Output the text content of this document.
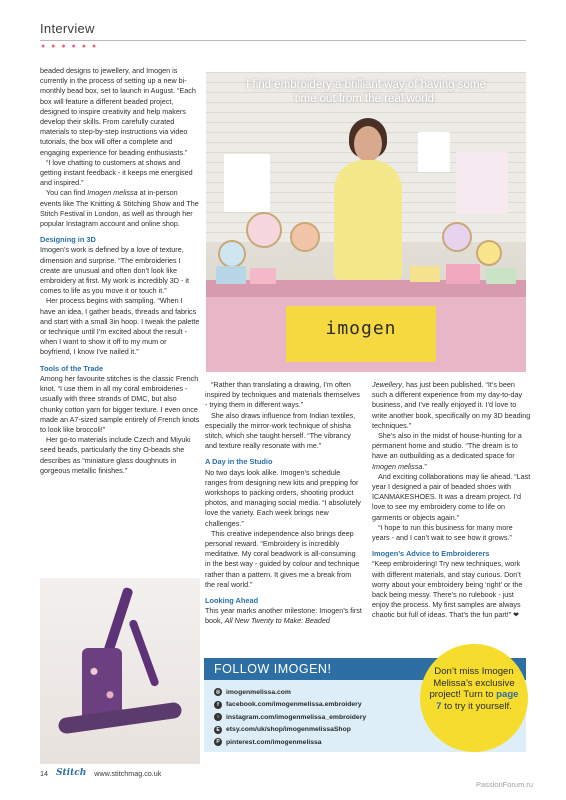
Interview
● ● ● ● ● ●

beaded designs to jewellery, and Imogen is currently in the process of setting up a new bi-monthly bead box, set to launch in August. “Each box will feature a different beaded project, designed to inspire creativity and help makers develop their skills. From carefully curated materials to step-by-step instructions via video tutorials, the box will offer a complete and engaging experience for beading enthusiasts.”

“I love chatting to customers at shows and getting instant feedback - it keeps me energised and inspired.”

You can find Imogen melissa at in-person events like The Knitting & Stitching Show and The Stitch Festival in London, as well as through her popular Instagram account and online shop.

Designing in 3D

Imogen’s work is defined by a love of texture, dimension and surprise. “The embroideries I create are unusual and often don’t look like embroidery at first. My work is incredibly 3D - it comes to life as you move it or touch it.”

Her process begins with sampling. “When I have an idea, I gather beads, threads and fabrics and start with a small 3in hoop. I tweak the palette or technique until I’m excited about the result - when I want to show it off to my mum or boyfriend, I know I’ve nailed it.”

Tools of the Trade

Among her favourite stitches is the classic French knot. “I use them in all my coral embroideries - usually with three strands of DMC, but also chunky cotton yarn for bigger texture. I even once made an A7-sized sample entirely of French knots to look like broccoli!”

Her go-to materials include Czech and Miyuki seed beads, particularly the tiny O-beads she describes as “miniature glass doughnuts in gorgeous metallic finishes.”

imogen
I find embroidery a brilliant way of having some time out from the real world.

“Rather than translating a drawing, I’m often inspired by techniques and materials themselves - trying them in different ways.”

She also draws influence from Indian textiles, especially the mirror-work technique of shisha stitch, which she taught herself. “The vibrancy and texture really resonate with me.”

A Day in the Studio

No two days look alike. Imogen’s schedule ranges from designing new kits and prepping for workshops to packing orders, shooting product photos, and managing social media. “I absolutely love the variety. Each week brings new challenges.”

This creative independence also brings deep personal reward. “Embroidery is incredibly meditative. My coral beadwork is all-consuming in the best way - guided by colour and technique rather than a pattern. It gives me a break from the real world.”

Looking Ahead

This year marks another milestone: Imogen’s first book, All New Twenty to Make: Beaded

Jewellery, has just been published. “It’s been such a different experience from my day-to-day business, and I’ve really enjoyed it. I’d love to write another book, specifically on my 3D beading techniques.”

She’s also in the midst of house-hunting for a permanent home and studio. “The dream is to have an outbuilding as a dedicated space for Imogen melissa.”

And exciting collaborations may lie ahead. “Last year I designed a pair of beaded shoes with ICANMAKESHOES. It was a dream project. I’d love to see my embroidery come to life on garments or objects again.”

“I hope to run this business for many more years - and I can’t wait to see how it grows.”

Imogen’s Advice to Embroiderers

“Keep embroidering! Try new techniques, work with different materials, and stay curious. Don’t worry about your embroidery being ‘right’ or the back being messy. There’s no rulebook - just enjoy the process. My first samples are always chaotic but full of ideas. That’s the fun part!” ❤

FOLLOW IMOGEN!
◎ imogenmelissa.com
f	facebook.com/imogenmelissa.embroidery
○ instagram.com/imogenmelissa_embroidery
E etsy.com/uk/shop/imogenmelissaShop
P pinterest.com/imogenmelissa
Don’t miss Imogen Melissa’s exclusive project! Turn to page 7 to try it yourself.
14 Stitch www.stitchmag.co.uk
PassionForum.ru
